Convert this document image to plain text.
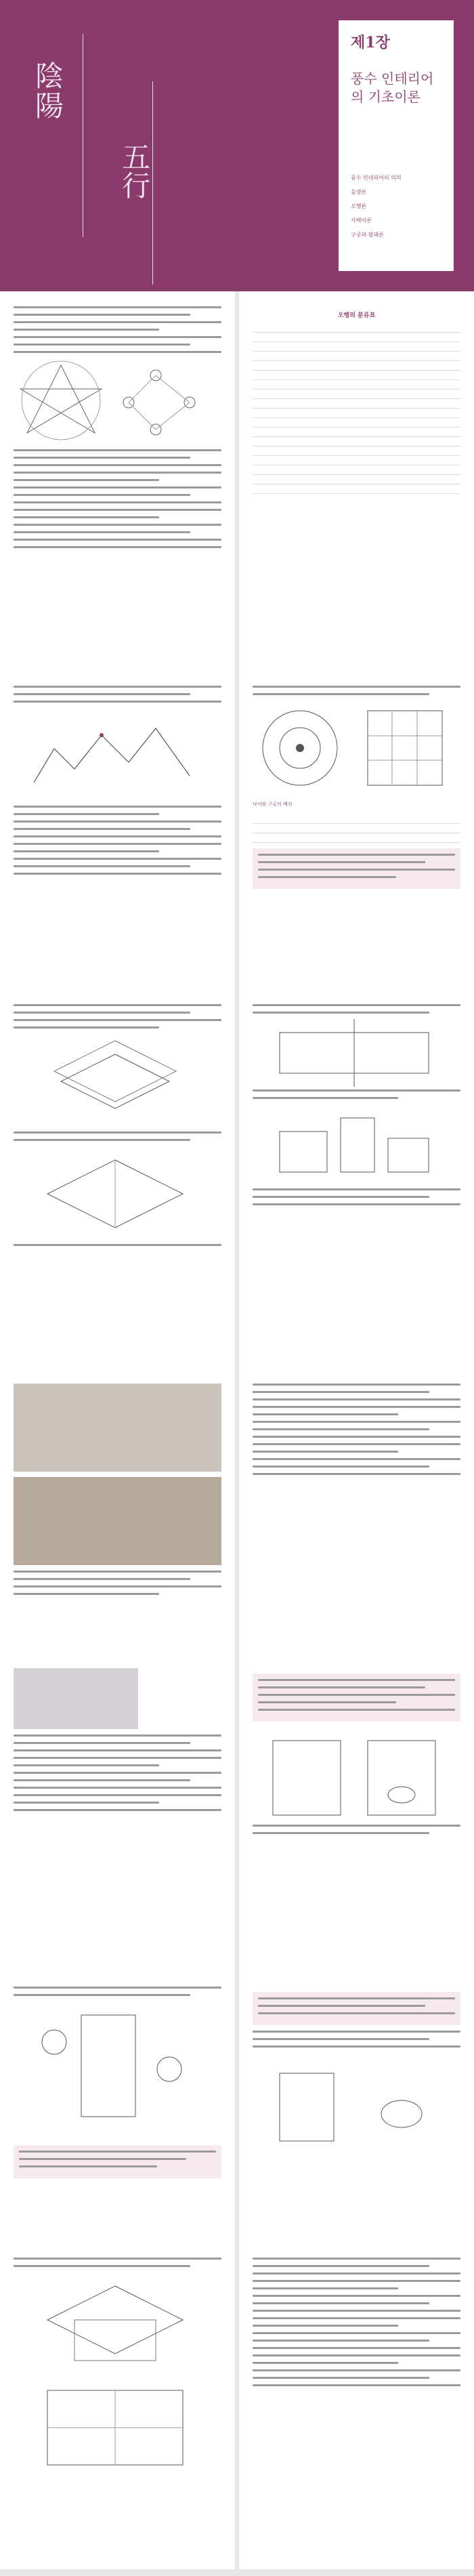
陰陽
五行
제1장
풍수 인테리어의 기초이론
풍수 인테리어의 의의
음양론
오행론
사택이론
구궁과 팔괘론
오행의 분류표

낙서와 구궁의 배치
